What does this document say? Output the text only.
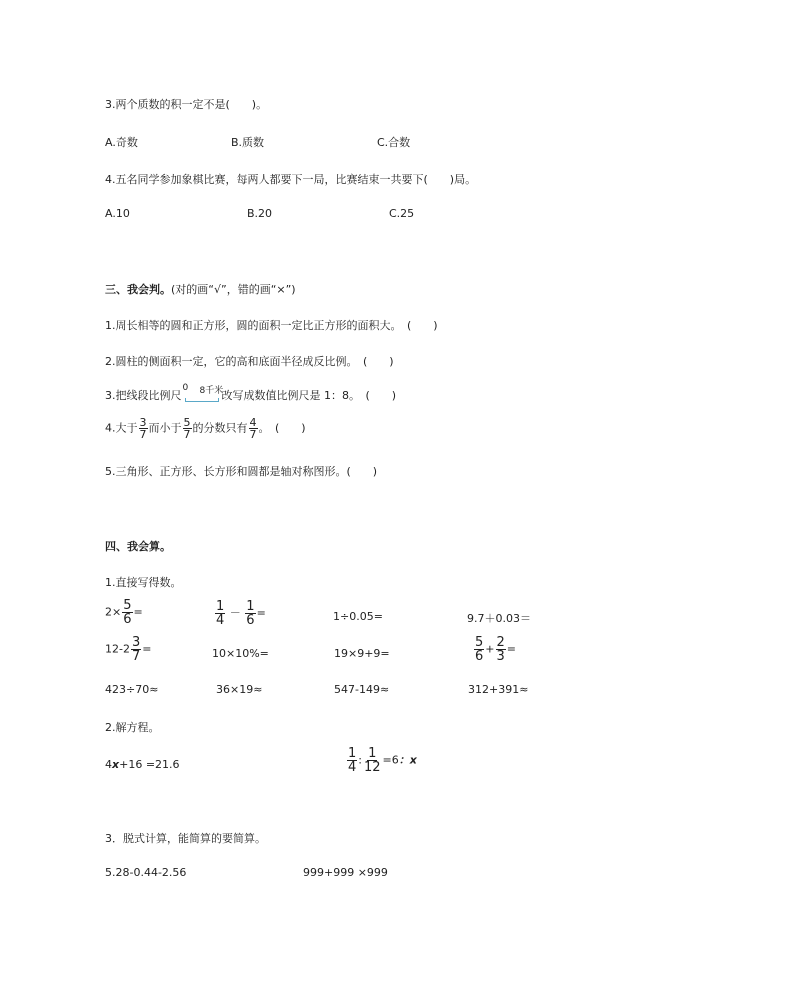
3.两个质数的积一定不是(　　)。
A.奇数	B.质数	C.合数
4.五名同学参加象棋比赛，每两人都要下一局，比赛结束一共要下(　　)局。
A.10	B.20	C.25
三、我会判。(对的画“√”，错的画“×”)
1.周长相等的圆和正方形，圆的面积一定比正方形的面积大。　(　　)
2.圆柱的侧面积一定，它的高和底面半径成反比例。　(　　)
3.把线段比例尺
0 8千米
改写成数值比例尺是 1：8。　(　　)
4.大于 $\frac{3}{7}$ 而小于 $\frac{5}{7}$ 的分数只有 $\frac{4}{7}$ 。　(　　)
5.三角形、正方形、长方形和圆都是轴对称图形。(　　)
四、我会算。
1.直接写得数。
$2\times \frac{5}{6}$ =	$\frac{1}{4} - \frac{1}{6}$ =	1÷0.05=	9.7＋0.03＝
$12-2 \frac{3}{7}$ =	10×10%=	19×9+9=	$\frac{5}{6} + \frac{2}{3}$ =
423÷70≈	36×19≈	547-149≈	312+391≈
2.解方程。
4x+16 =21.6	$\frac{1}{4}$ : $\frac{1}{12} =6$：x
3．脱式计算，能简算的要简算。
5.28-0.44-2.56	999+999 ×999
